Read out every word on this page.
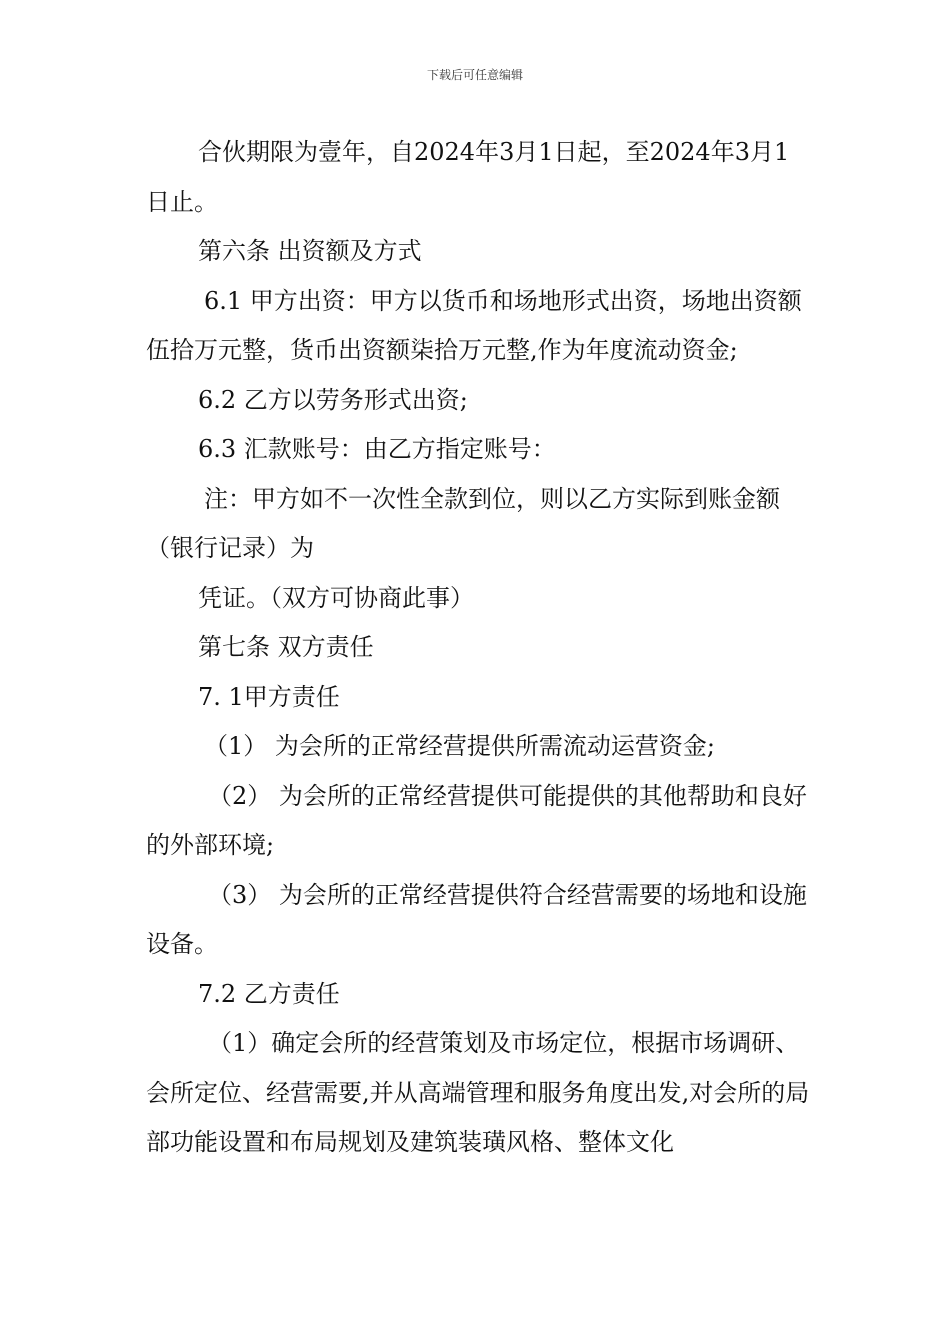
下载后可任意编辑

合伙期限为壹年，自2024年3月1日起，至2024年3月1日止。

第六条 出资额及方式

6.1 甲方出资：甲方以货币和场地形式出资，场地出资额伍拾万元整，货币出资额柒拾万元整,作为年度流动资金;

6.2 乙方以劳务形式出资;

6.3 汇款账号：由乙方指定账号：

注：甲方如不一次性全款到位，则以乙方实际到账金额（银行记录）为

凭证。（双方可协商此事）

第七条 双方责任

7. 1甲方责任

（1） 为会所的正常经营提供所需流动运营资金;

（2） 为会所的正常经营提供可能提供的其他帮助和良好的外部环境;

（3） 为会所的正常经营提供符合经营需要的场地和设施设备。

7.2 乙方责任

（1）确定会所的经营策划及市场定位，根据市场调研、会所定位、经营需要,并从高端管理和服务角度出发,对会所的局部功能设置和布局规划及建筑装璜风格、整体文化
